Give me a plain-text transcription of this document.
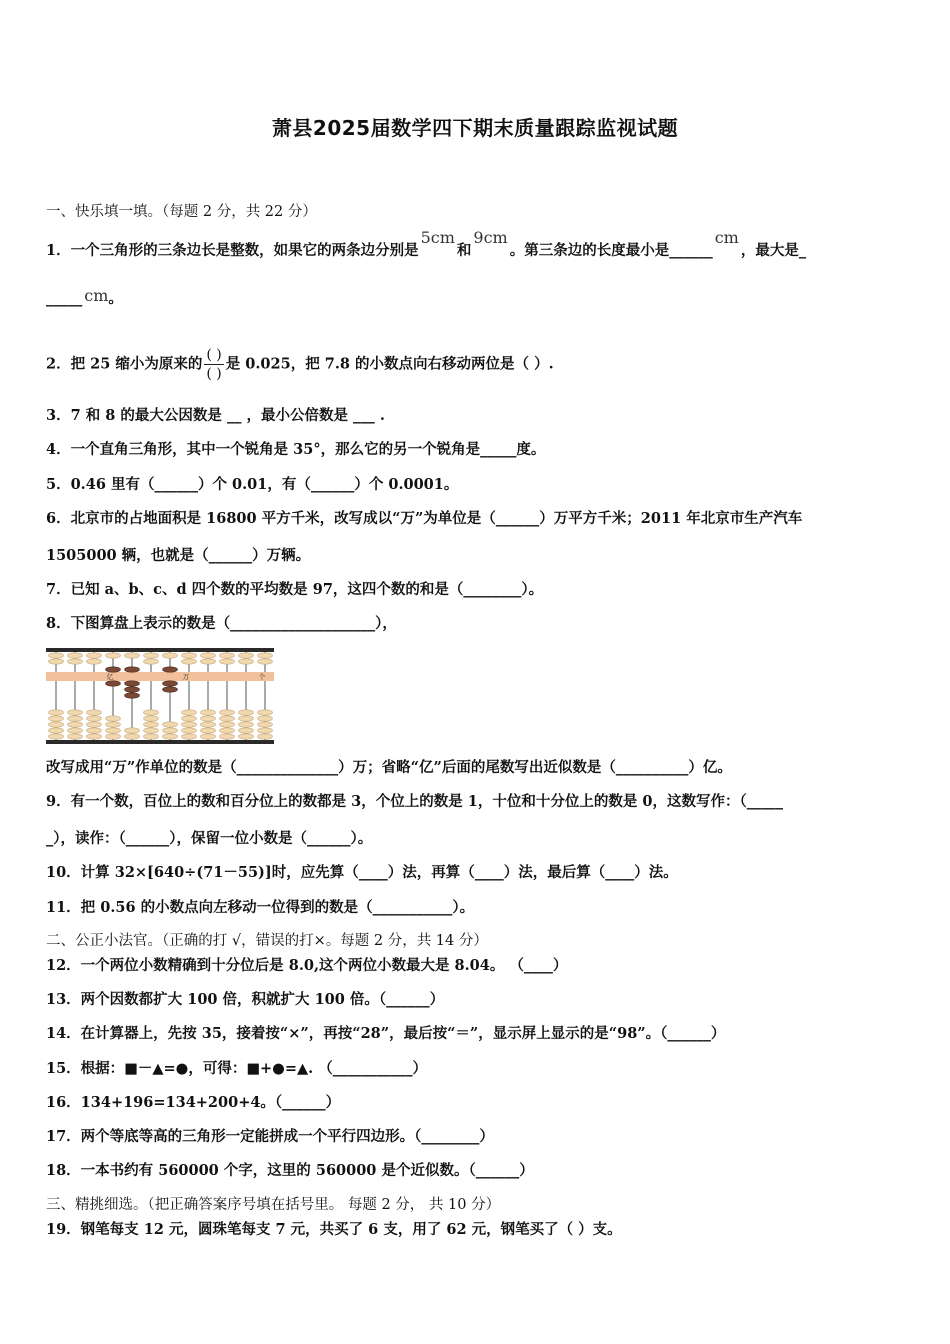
萧县2025届数学四下期末质量跟踪监视试题
一、快乐填一填。（每题 2 分，共 22 分）
1．一个三角形的三条边长是整数，如果它的两条边分别是5cm和9cm。第三条边的长度最小是______cm，最大是_
_____ cm。
2．把 25 缩小为原来的 $\frac{( )}{( )}$ 是 0.025，把 7.8 的小数点向右移动两位是（ ）.
3．7 和 8 的最大公因数是 __ ，最小公倍数是 ___ .
4．一个直角三角形，其中一个锐角是 35°，那么它的另一个锐角是_____度。
5．0.46 里有（______）个 0.01，有（______）个 0.0001。
6．北京市的占地面积是 16800 平方千米，改写成以“万”为单位是（______）万平方千米；2011 年北京市生产汽车
1505000 辆，也就是（______）万辆。
7．已知 a、b、c、d 四个数的平均数是 97，这四个数的和是（________）。
8．下图算盘上表示的数是（____________________），
亿	万	个
改写成用“万”作单位的数是（______________）万；省略“亿”后面的尾数写出近似数是（__________）亿。
9．有一个数，百位上的数和百分位上的数都是 3，个位上的数是 1，十位和十分位上的数是 0，这数写作：（_____
_），读作：（______），保留一位小数是（______）。
10．计算 32×[640÷(71－55)]时，应先算（____）法，再算（____）法，最后算（____）法。
11．把 0.56 的小数点向左移动一位得到的数是（___________）。
二、公正小法官。（正确的打 √，错误的打×。每题 2 分，共 14 分）
12．一个两位小数精确到十分位后是 8.0,这个两位小数最大是 8.04。 （____）
13．两个因数都扩大 100 倍，积就扩大 100 倍。（______）
14．在计算器上，先按 35，接着按“×”，再按“28”，最后按“＝”，显示屏上显示的是“98”。（______）
15．根据：■－▲=●，可得：■+●=▲. （___________）
16．134+196=134+200+4。（______）
17．两个等底等高的三角形一定能拼成一个平行四边形。（________）
18．一本书约有 560000 个字，这里的 560000 是个近似数。（______）
三、精挑细选。（把正确答案序号填在括号里。 每题 2 分， 共 10 分）
19．钢笔每支 12 元，圆珠笔每支 7 元，共买了 6 支，用了 62 元，钢笔买了（ ）支。
